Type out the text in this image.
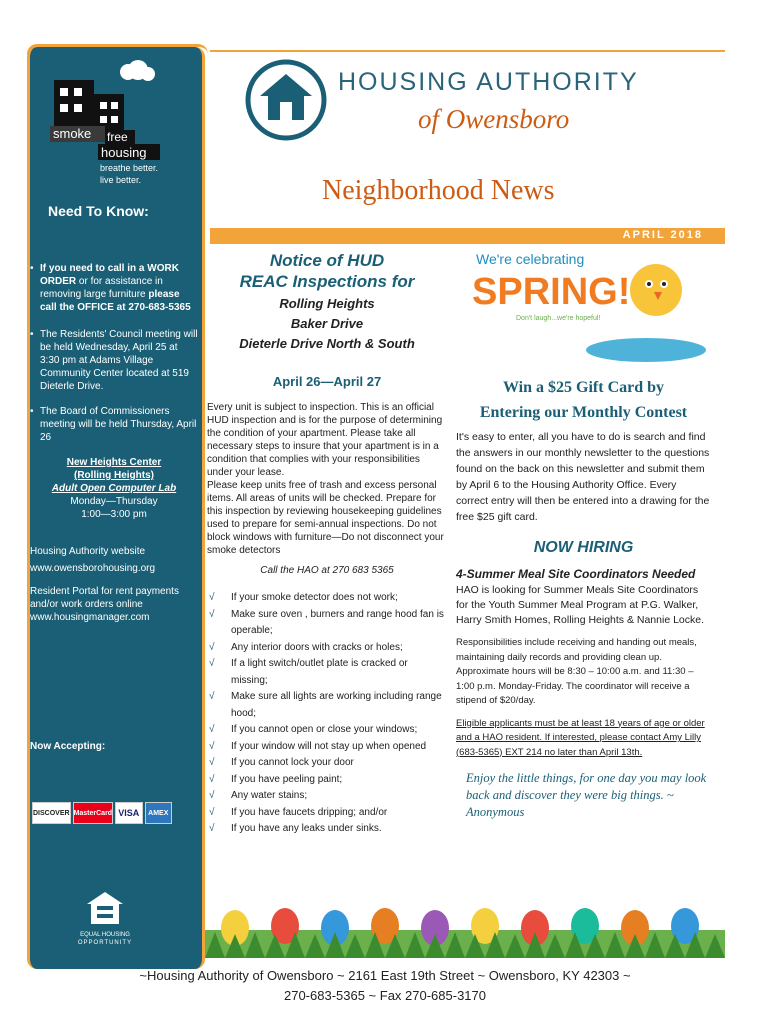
smoke free
housing
breathe better.
live better.
Need To Know:
• If you need to call in a WORK ORDER or for assistance in removing large furniture please call the OFFICE at 270-683-5365
• The Residents' Council meeting will be held Wednesday, April 25 at 3:30 pm at Adams Village Community Center located at 519 Dieterle Drive.
• The Board of Commissioners meeting will be held Thursday, April 26
New Heights Center
(Rolling Heights)
Adult Open Computer Lab
Monday—Thursday
1:00—3:00 pm
Housing Authority website
www.owensborohousing.org
Resident Portal for rent payments and/or work orders online
www.housingmanager.com
Now Accepting:
DISCOVER MasterCard VISA	AMEX
EQUAL HOUSING
OPPORTUNITY
HOUSING AUTHORITY
of Owensboro
Neighborhood News
APRIL 2018
Notice of HUD
REAC Inspections for
Rolling Heights
Baker Drive
Dieterle Drive North & South
April 26—April 27

Every unit is subject to inspection. This is an official HUD inspection and is for the purpose of determining the condition of your apartment. Please take all necessary steps to insure that your apartment is in a condition that complies with your responsibilities under your lease.

Please keep units free of trash and excess personal items. All areas of units will be checked. Prepare for this inspection by reviewing housekeeping guidelines used to prepare for semi-annual inspections. Do not block windows with furniture—Do not disconnect your smoke detectors

Call the HAO at 270 683 5365
√ If your smoke detector does not work;
√ Make sure oven , burners and range hood fan is operable;
√ Any interior doors with cracks or holes;
√ If a light switch/outlet plate is cracked or missing;
√ Make sure all lights are working including range hood;
√ If you cannot open or close your windows;
√ If your window will not stay up when opened
√ If you cannot lock your door
√ If you have peeling paint;
√ Any water stains;
√ If you have faucets dripping; and/or
√ If you have any leaks under sinks.
We're celebrating
SPRING!
Don't laugh...we're hopeful!
Win a $25 Gift Card by
Entering our Monthly Contest

It's easy to enter, all you have to do is search and find the answers in our monthly newsletter to the questions found on the back on this newsletter and submit them by April 6 to the Housing Authority Office. Every correct entry will then be entered into a drawing for the free $25 gift card.

NOW HIRING
4-Summer Meal Site Coordinators Needed

HAO is looking for Summer Meals Site Coordinators for the Youth Summer Meal Program at P.G. Walker, Harry Smith Homes, Rolling Heights & Nannie Locke.

Responsibilities include receiving and handing out meals, maintaining daily records and providing clean up. Approximate hours will be 8:30 – 10:00 a.m. and 11:30 – 1:00 p.m. Monday-Friday. The coordinator will receive a stipend of $20/day.

Eligible applicants must be at least 18 years of age or older and a HAO resident. If interested, please contact Amy Lilly (683-5365) EXT 214 no later than April 13th.

Enjoy the little things, for one day you may look back and discover they were big things. ~ Anonymous
~Housing Authority of Owensboro ~ 2161 East 19th Street ~ Owensboro, KY 42303 ~
270-683-5365 ~ Fax 270-685-3170
